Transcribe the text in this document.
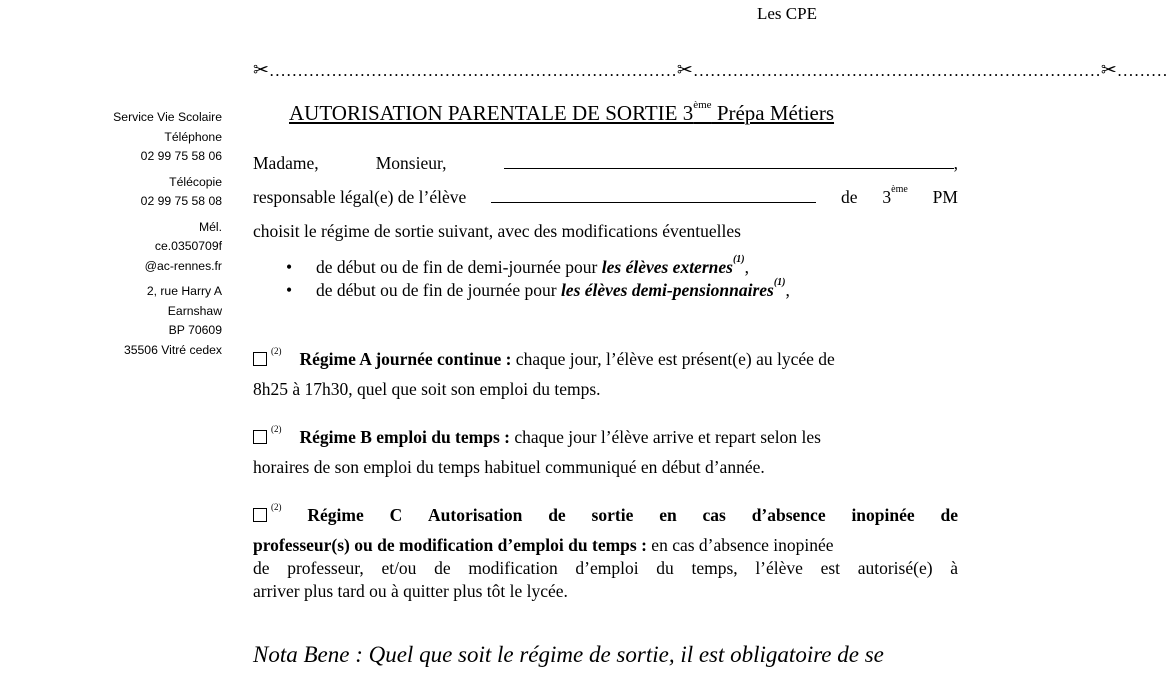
Les CPE
✂………………………………………………………………✂………………………………………………………………✂………
Service Vie Scolaire
Téléphone
02 99 75 58 06
Télécopie
02 99 75 58 08
Mél.
ce.0350709f
@ac-rennes.fr
2, rue Harry A
Earnshaw
BP 70609
35506 Vitré cedex
AUTORISATION PARENTALE DE SORTIE 3ème Prépa Métiers
Madame,	Monsieur,	,
responsable légal(e) de l’élève	de 3ème PM
choisit le régime de sortie suivant, avec des modifications éventuelles
• de début ou de fin de demi-journée pour les élèves externes$^{(1)}$,
• de début ou de fin de journée pour les élèves demi-pensionnaires$^{(1)}$,
$^{(2)}$ Régime A journée continue : chaque jour, l’élève est présent(e) au lycée de
8h25 à 17h30, quel que soit son emploi du temps.
$^{(2)}$ Régime B emploi du temps : chaque jour l’élève arrive et repart selon les
horaires de son emploi du temps habituel communiqué en début d’année.
$^{(2)}$ Régime C Autorisation de sortie en cas d’absence inopinée de
professeur(s) ou de modification d’emploi du temps : en cas d’absence inopinée
de professeur, et/ou de modification d’emploi du temps, l’élève est autorisé(e) à
arriver plus tard ou à quitter plus tôt le lycée.
Nota Bene : Quel que soit le régime de sortie, il est obligatoire de se
